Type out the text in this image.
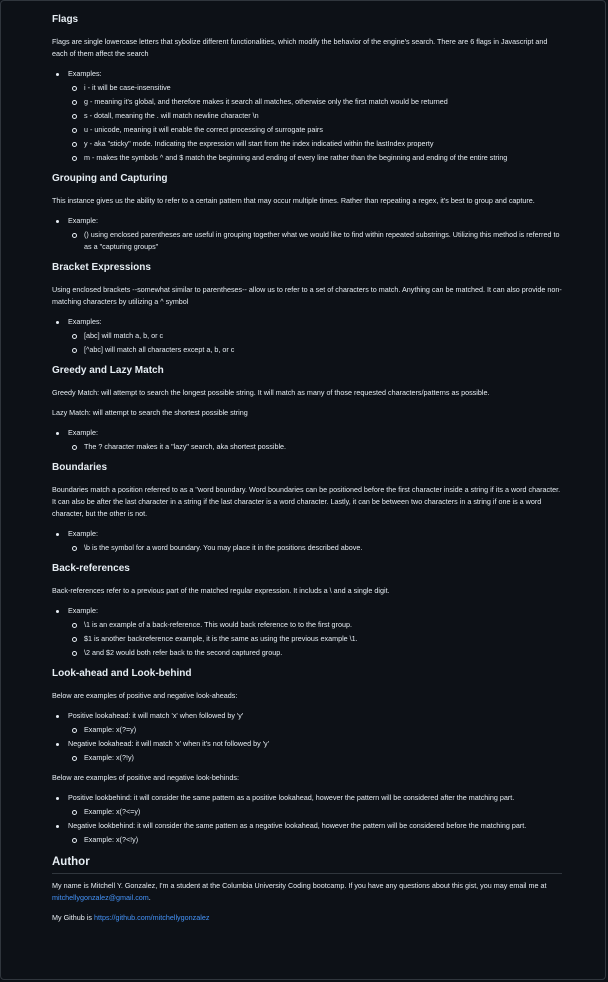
Flags

Flags are single lowercase letters that sybolize different functionalities, which modify the behavior of the engine's search. There are 6 flags in Javascript and each of them affect the search

Examples:
i - it will be case-insensitive
g - meaning it's global, and therefore makes it search all matches, otherwise only the first match would be returned
s - dotall, meaning the . will match newline character \n
u - unicode, meaning it will enable the correct processing of surrogate pairs
y - aka "sticky" mode. Indicating the expression will start from the index indicatied within the lastIndex property
m - makes the symbols ^ and $ match the beginning and ending of every line rather than the beginning and ending of the entire string
Grouping and Capturing

This instance gives us the ability to refer to a certain pattern that may occur multiple times. Rather than repeating a regex, it's best to group and capture.

Example:
() using enclosed parentheses are useful in grouping together what we would like to find within repeated substrings. Utilizing this method is referred to as a "capturing groups"
Bracket Expressions

Using enclosed brackets --somewhat similar to parentheses-- allow us to refer to a set of characters to match. Anything can be matched. It can also provide non-matching characters by utilizing a ^ symbol

Examples:
[abc] will match a, b, or c
[^abc] will match all characters except a, b, or c
Greedy and Lazy Match

Greedy Match: will attempt to search the longest possible string. It will match as many of those requested characters/patterns as possible.

Lazy Match: will attempt to search the shortest possible string

Example:
The ? character makes it a "lazy" search, aka shortest possible.
Boundaries

Boundaries match a position referred to as a "word boundary. Word boundaries can be positioned before the first character inside a string if its a word character. It can also be after the last character in a string if the last character is a word character. Lastly, it can be between two characters in a string if one is a word character, but the other is not.

Example:
\b is the symbol for a word boundary. You may place it in the positions described above.
Back-references

Back-references refer to a previous part of the matched regular expression. It includs a \ and a single digit.

Example:
\1 is an example of a back-reference. This would back reference to to the first group.
$1 is another backreference example, it is the same as using the previous example \1.
\2 and $2 would both refer back to the second captured group.
Look-ahead and Look-behind

Below are examples of positive and negative look-aheads:

Positive lookahead: it will match 'x' when followed by 'y'
Example: x(?=y)
Negative lookahead: it will match 'x' when it's not followed by 'y'
Example: x(?!y)

Below are examples of positive and negative look-behinds:

Positive lookbehind: it will consider the same pattern as a positive lookahead, however the pattern will be considered after the matching part.
Example: x(?<=y)
Negative lookbehind: it will consider the same pattern as a negative lookahead, however the pattern will be considered before the matching part.
Example: x(?<!y)
Author

My name is Mitchell Y. Gonzalez, I'm a student at the Columbia University Coding bootcamp. If you have any questions about this gist, you may email me at mitchellygonzalez@gmail.com.

My Github is https://github.com/mitchellygonzalez
